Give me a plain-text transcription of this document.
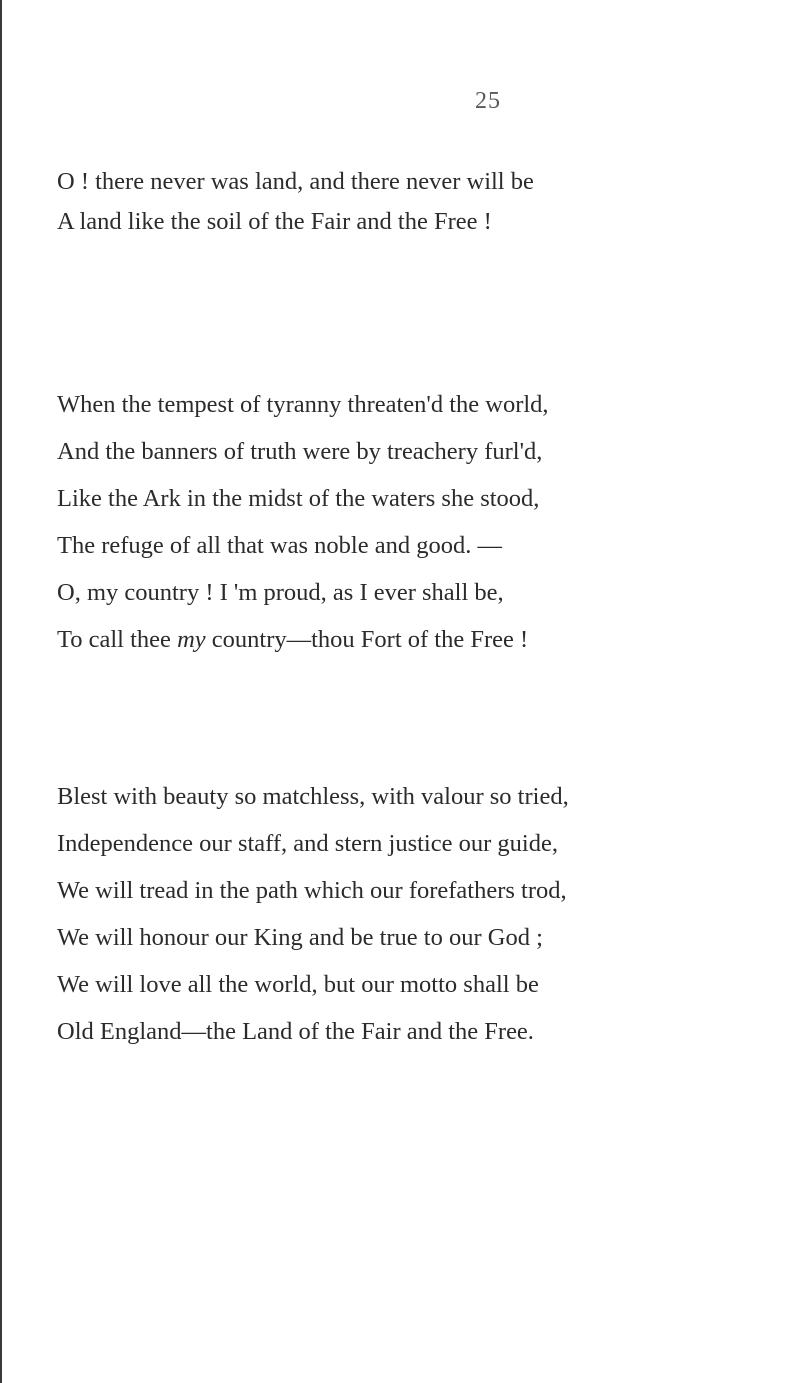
25
O ! there never was land, and there never will be
A land like the soil of the Fair and the Free !
When the tempest of tyranny threaten'd the world,
And the banners of truth were by treachery furl'd,
Like the Ark in the midst of the waters she stood,
The refuge of all that was noble and good. —
O, my country ! I 'm proud, as I ever shall be,
To call thee my country—thou Fort of the Free !
Blest with beauty so matchless, with valour so tried,
Independence our staff, and stern justice our guide,
We will tread in the path which our forefathers trod,
We will honour our King and be true to our God ;
We will love all the world, but our motto shall be
Old England—the Land of the Fair and the Free.
